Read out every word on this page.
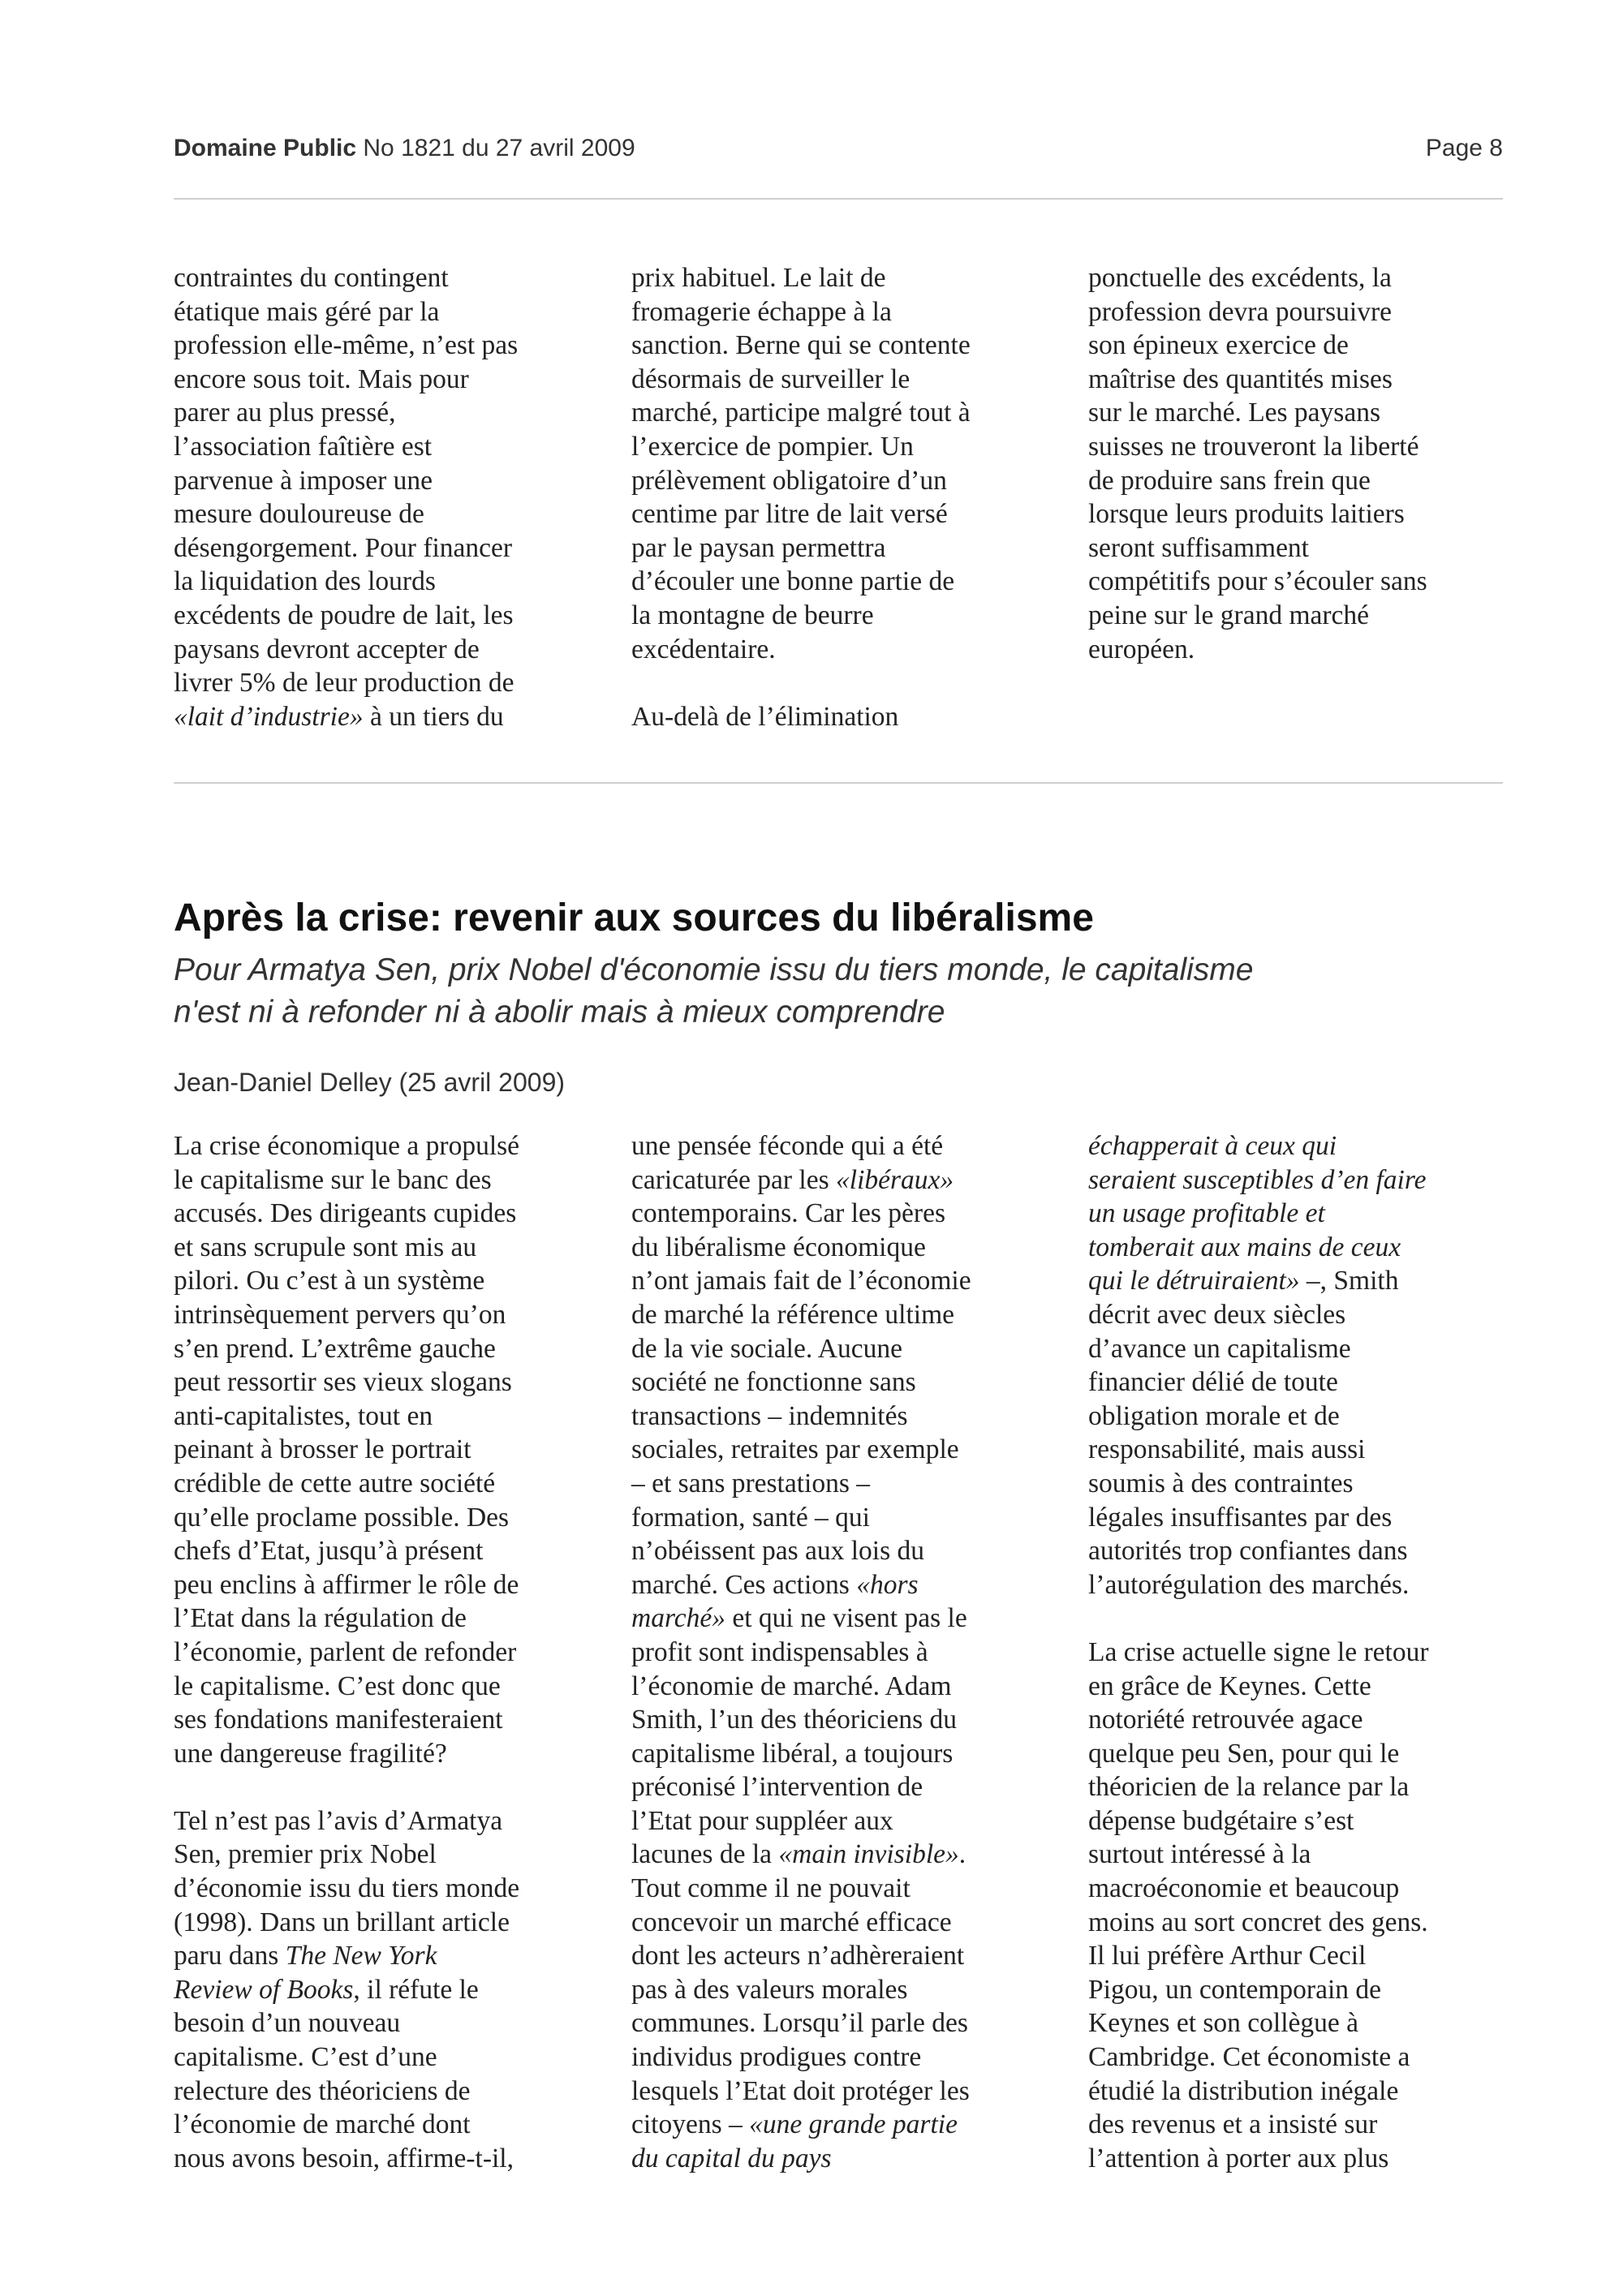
Domaine Public No 1821 du 27 avril 2009	Page 8

contraintes du contingent
étatique mais géré par la
profession elle-même, n’est pas
encore sous toit. Mais pour
parer au plus pressé,
l’association faîtière est
parvenue à imposer une
mesure douloureuse de
désengorgement. Pour financer
la liquidation des lourds
excédents de poudre de lait, les
paysans devront accepter de
livrer 5% de leur production de
«lait d’industrie» à un tiers du

prix habituel. Le lait de
fromagerie échappe à la
sanction. Berne qui se contente
désormais de surveiller le
marché, participe malgré tout à
l’exercice de pompier. Un
prélèvement obligatoire d’un
centime par litre de lait versé
par le paysan permettra
d’écouler une bonne partie de
la montagne de beurre
excédentaire.

Au-delà de l’élimination

ponctuelle des excédents, la
profession devra poursuivre
son épineux exercice de
maîtrise des quantités mises
sur le marché. Les paysans
suisses ne trouveront la liberté
de produire sans frein que
lorsque leurs produits laitiers
seront suffisamment
compétitifs pour s’écouler sans
peine sur le grand marché
européen.

Après la crise: revenir aux sources du libéralisme
Pour Armatya Sen, prix Nobel d'économie issu du tiers monde, le capitalisme
n'est ni à refonder ni à abolir mais à mieux comprendre
Jean-Daniel Delley (25 avril 2009)

La crise économique a propulsé
le capitalisme sur le banc des
accusés. Des dirigeants cupides
et sans scrupule sont mis au
pilori. Ou c’est à un système
intrinsèquement pervers qu’on
s’en prend. L’extrême gauche
peut ressortir ses vieux slogans
anti-capitalistes, tout en
peinant à brosser le portrait
crédible de cette autre société
qu’elle proclame possible. Des
chefs d’Etat, jusqu’à présent
peu enclins à affirmer le rôle de
l’Etat dans la régulation de
l’économie, parlent de refonder
le capitalisme. C’est donc que
ses fondations manifesteraient
une dangereuse fragilité?

Tel n’est pas l’avis d’Armatya
Sen, premier prix Nobel
d’économie issu du tiers monde
(1998). Dans un brillant article
paru dans The New York
Review of Books, il réfute le
besoin d’un nouveau
capitalisme. C’est d’une
relecture des théoriciens de
l’économie de marché dont
nous avons besoin, affirme-t-il,

une pensée féconde qui a été
caricaturée par les «libéraux»
contemporains. Car les pères
du libéralisme économique
n’ont jamais fait de l’économie
de marché la référence ultime
de la vie sociale. Aucune
société ne fonctionne sans
transactions – indemnités
sociales, retraites par exemple
– et sans prestations –
formation, santé – qui
n’obéissent pas aux lois du
marché. Ces actions «hors
marché» et qui ne visent pas le
profit sont indispensables à
l’économie de marché. Adam
Smith, l’un des théoriciens du
capitalisme libéral, a toujours
préconisé l’intervention de
l’Etat pour suppléer aux
lacunes de la «main invisible».
Tout comme il ne pouvait
concevoir un marché efficace
dont les acteurs n’adhèreraient
pas à des valeurs morales
communes. Lorsqu’il parle des
individus prodigues contre
lesquels l’Etat doit protéger les
citoyens – «une grande partie
du capital du pays

échapperait à ceux qui
seraient susceptibles d’en faire
un usage profitable et
tomberait aux mains de ceux
qui le détruiraient» –, Smith
décrit avec deux siècles
d’avance un capitalisme
financier délié de toute
obligation morale et de
responsabilité, mais aussi
soumis à des contraintes
légales insuffisantes par des
autorités trop confiantes dans
l’autorégulation des marchés.

La crise actuelle signe le retour
en grâce de Keynes. Cette
notoriété retrouvée agace
quelque peu Sen, pour qui le
théoricien de la relance par la
dépense budgétaire s’est
surtout intéressé à la
macroéconomie et beaucoup
moins au sort concret des gens.
Il lui préfère Arthur Cecil
Pigou, un contemporain de
Keynes et son collègue à
Cambridge. Cet économiste a
étudié la distribution inégale
des revenus et a insisté sur
l’attention à porter aux plus
